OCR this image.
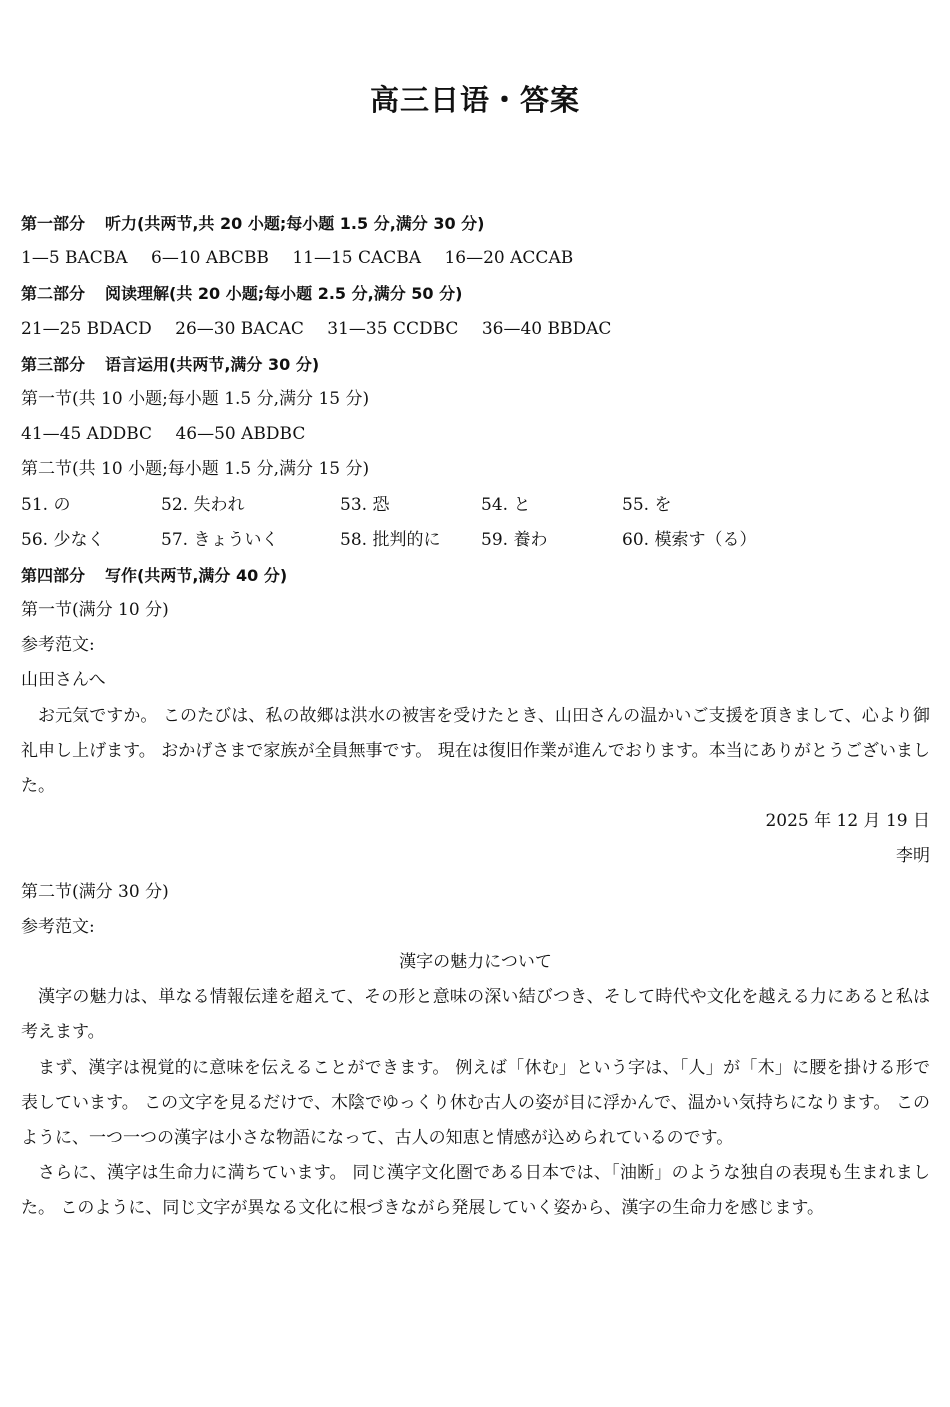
高三日语・答案
第一部分 听力(共两节,共 20 小题;每小题 1.5 分,满分 30 分)
1—5 BACBA 6—10 ABCBB 11—15 CACBA 16—20 ACCAB
第二部分 阅读理解(共 20 小题;每小题 2.5 分,满分 50 分)
21—25 BDACD 26—30 BACAC 31—35 CCDBC 36—40 BBDAC
第三部分 语言运用(共两节,满分 30 分)
第一节(共 10 小题;每小题 1.5 分,满分 15 分)
41—45 ADDBC 46—50 ABDBC
第二节(共 10 小题;每小题 1.5 分,满分 15 分)
51. の	52. 失われ	53. 恐	54. と	55. を
56. 少なく	57. きょういく	58. 批判的に	59. 養わ	60. 模索す（る）
第四部分 写作(共两节,满分 40 分)
第一节(满分 10 分)
参考范文:
山田さんへ
お元気ですか。 このたびは、私の故郷は洪水の被害を受けたとき、山田さんの温かいご支援を頂きまして、心より御礼申し上げます。 おかげさまで家族が全員無事です。 現在は復旧作業が進んでおります。本当にありがとうございました。
2025 年 12 月 19 日
李明
第二节(满分 30 分)
参考范文:
漢字の魅力について
漢字の魅力は、単なる情報伝達を超えて、その形と意味の深い結びつき、そして時代や文化を越える力にあると私は考えます。
まず、漢字は視覚的に意味を伝えることができます。 例えば「休む」という字は、「人」が「木」に腰を掛ける形で表しています。 この文字を見るだけで、木陰でゆっくり休む古人の姿が目に浮かんで、温かい気持ちになります。 このように、一つ一つの漢字は小さな物語になって、古人の知恵と情感が込められているのです。
さらに、漢字は生命力に満ちています。 同じ漢字文化圏である日本では、「油断」のような独自の表現も生まれました。 このように、同じ文字が異なる文化に根づきながら発展していく姿から、漢字の生命力を感じます。
